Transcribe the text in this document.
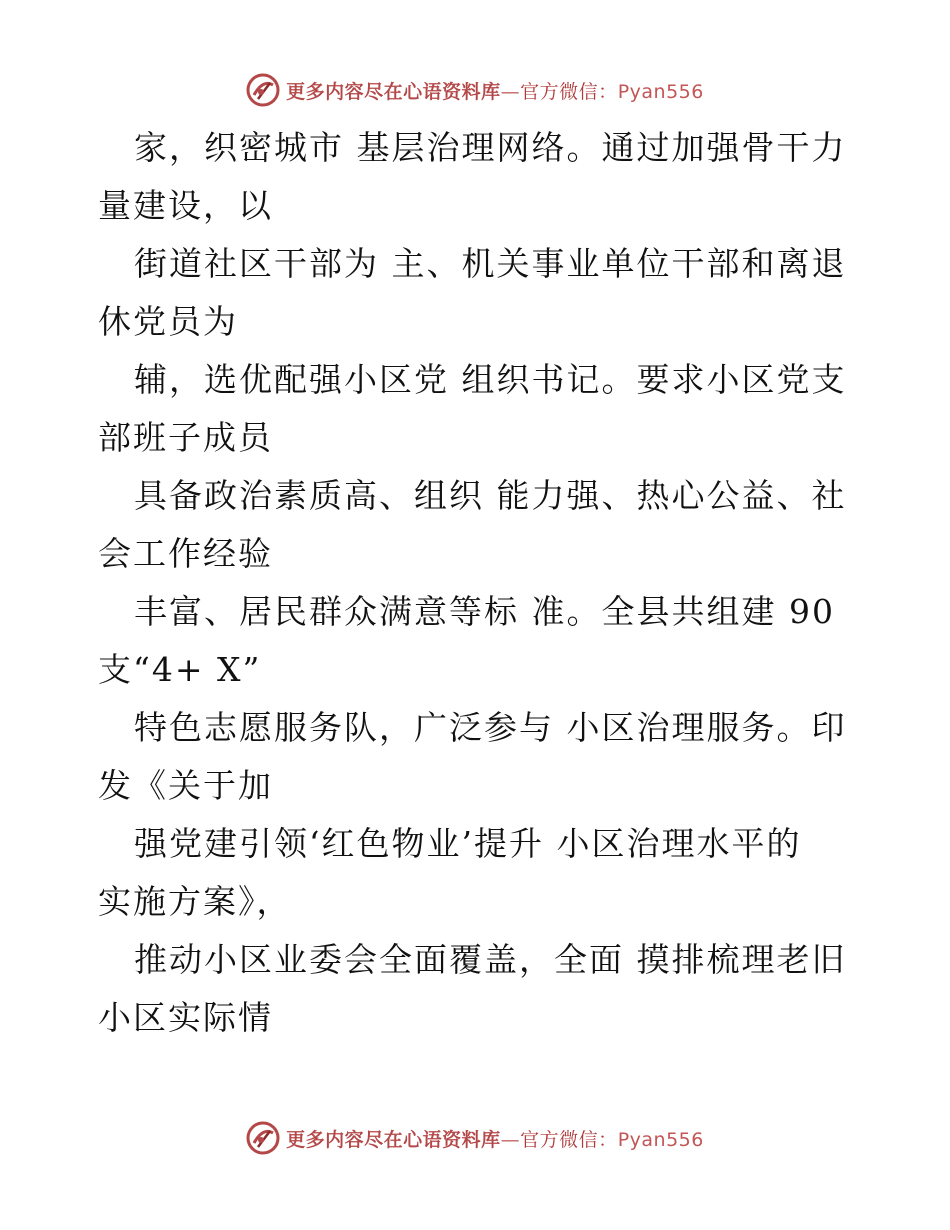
更多内容尽在心语资料库—官方微信：Pyan556
家，织密城市 基层治理网络。通过加强骨干力
量建设，以
街道社区干部为 主、机关事业单位干部和离退
休党员为
辅，选优配强小区党 组织书记。要求小区党支
部班子成员
具备政治素质高、组织 能力强、热心公益、社
会工作经验
丰富、居民群众满意等标 准。全县共组建 90
支“4+ X”
特色志愿服务队，广泛参与 小区治理服务。印
发《关于加
强党建引领‘红色物业’提升 小区治理水平的
实施方案》，
推动小区业委会全面覆盖，全面 摸排梳理老旧
小区实际情
更多内容尽在心语资料库—官方微信：Pyan556
